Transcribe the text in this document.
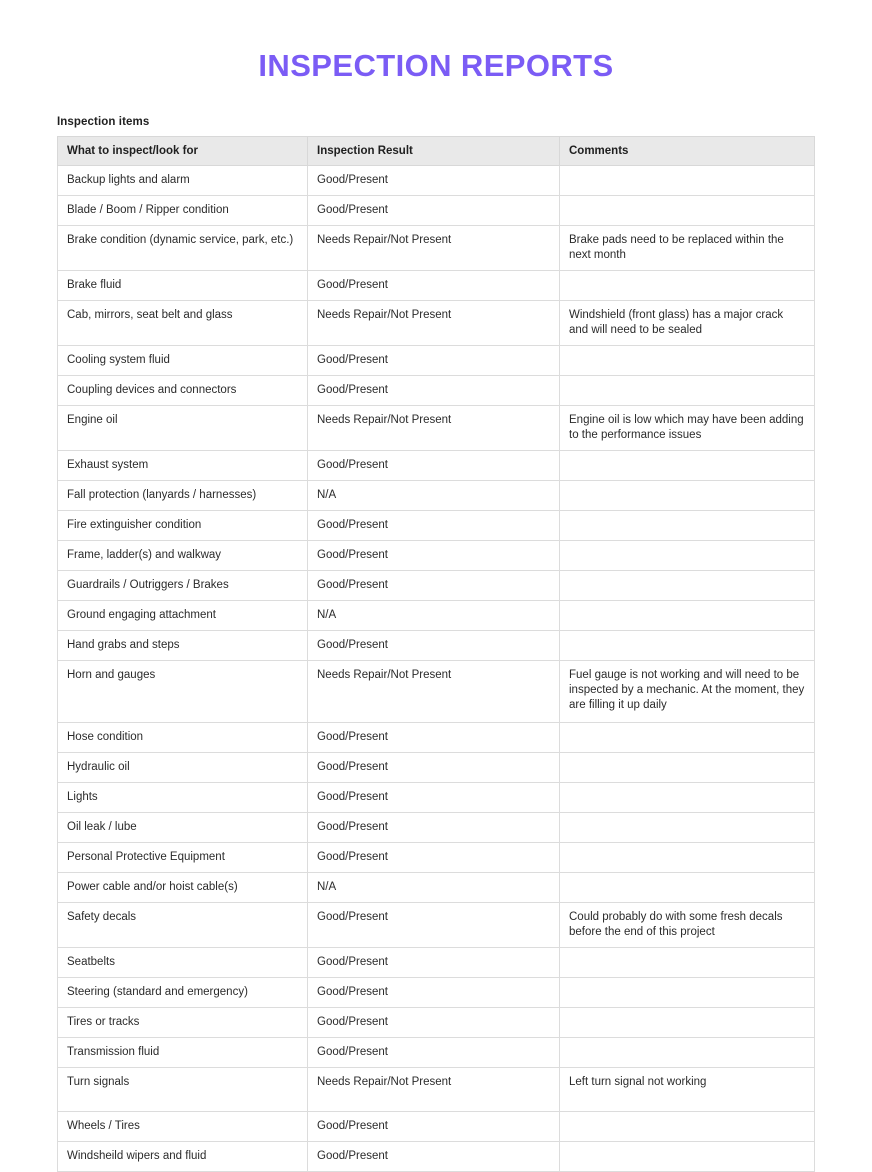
INSPECTION REPORTS
Inspection items
What to inspect/look for	Inspection Result	Comments
Backup lights and alarm	Good/Present	
Blade / Boom / Ripper condition	Good/Present	
Brake condition (dynamic service, park, etc.)	Needs Repair/Not Present	Brake pads need to be replaced within the next month
Brake fluid	Good/Present	
Cab, mirrors, seat belt and glass	Needs Repair/Not Present	Windshield (front glass) has a major crack and will need to be sealed
Cooling system fluid	Good/Present	
Coupling devices and connectors	Good/Present	
Engine oil	Needs Repair/Not Present	Engine oil is low which may have been adding to the performance issues
Exhaust system	Good/Present	
Fall protection (lanyards / harnesses)	N/A	
Fire extinguisher condition	Good/Present	
Frame, ladder(s) and walkway	Good/Present	
Guardrails / Outriggers / Brakes	Good/Present	
Ground engaging attachment	N/A	
Hand grabs and steps	Good/Present	
Horn and gauges	Needs Repair/Not Present	Fuel gauge is not working and will need to be inspected by a mechanic. At the moment, they are filling it up daily
Hose condition	Good/Present	
Hydraulic oil	Good/Present	
Lights	Good/Present	
Oil leak / lube	Good/Present	
Personal Protective Equipment	Good/Present	
Power cable and/or hoist cable(s)	N/A	
Safety decals	Good/Present	Could probably do with some fresh decals before the end of this project
Seatbelts	Good/Present	
Steering (standard and emergency)	Good/Present	
Tires or tracks	Good/Present	
Transmission fluid	Good/Present	
Turn signals	Needs Repair/Not Present	Left turn signal not working
Wheels / Tires	Good/Present	
Windsheild wipers and fluid	Good/Present	
